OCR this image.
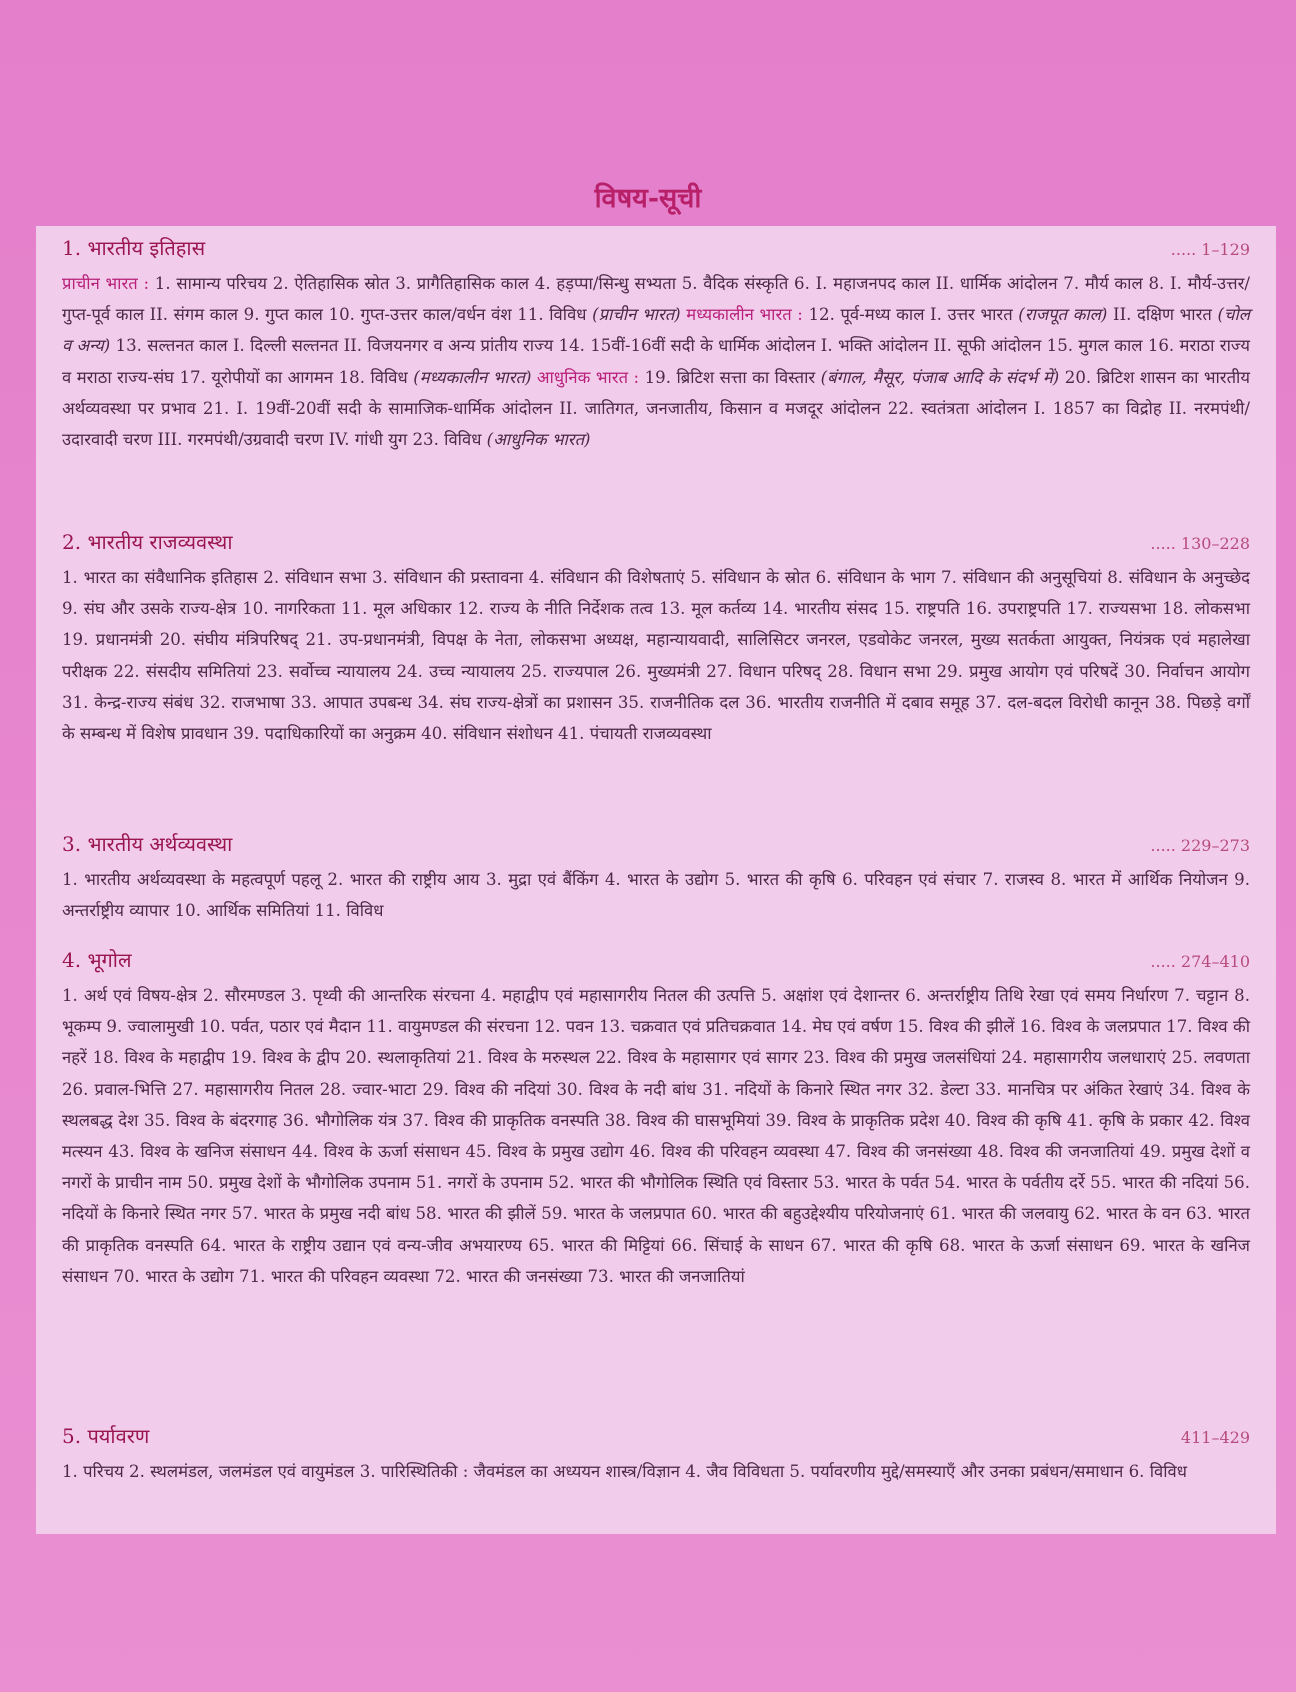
विषय-सूची
1. भारतीय इतिहास	..... 1–129
प्राचीन भारत : 1. सामान्य परिचय 2. ऐतिहासिक स्रोत 3. प्रागैतिहासिक काल 4. हड़प्पा/सिन्धु सभ्यता 5. वैदिक संस्कृति 6. I. महाजनपद काल II. धार्मिक आंदोलन 7. मौर्य काल 8. I. मौर्य-उत्तर/गुप्त-पूर्व काल II. संगम काल 9. गुप्त काल 10. गुप्त-उत्तर काल/वर्धन वंश 11. विविध (प्राचीन भारत) मध्यकालीन भारत : 12. पूर्व-मध्य काल I. उत्तर भारत (राजपूत काल) II. दक्षिण भारत (चोल व अन्य) 13. सल्तनत काल I. दिल्ली सल्तनत II. विजयनगर व अन्य प्रांतीय राज्य 14. 15वीं-16वीं सदी के धार्मिक आंदोलन I. भक्ति आंदोलन II. सूफी आंदोलन 15. मुगल काल 16. मराठा राज्य व मराठा राज्य-संघ 17. यूरोपीयों का आगमन 18. विविध (मध्यकालीन भारत) आधुनिक भारत : 19. ब्रिटिश सत्ता का विस्तार (बंगाल, मैसूर, पंजाब आदि के संदर्भ में) 20. ब्रिटिश शासन का भारतीय अर्थव्यवस्था पर प्रभाव 21. I. 19वीं-20वीं सदी के सामाजिक-धार्मिक आंदोलन II. जातिगत, जनजातीय, किसान व मजदूर आंदोलन 22. स्वतंत्रता आंदोलन I. 1857 का विद्रोह II. नरमपंथी/उदारवादी चरण III. गरमपंथी/उग्रवादी चरण IV. गांधी युग 23. विविध (आधुनिक भारत)
2. भारतीय राजव्यवस्था	..... 130–228
1. भारत का संवैधानिक इतिहास 2. संविधान सभा 3. संविधान की प्रस्तावना 4. संविधान की विशेषताएं 5. संविधान के स्रोत 6. संविधान के भाग 7. संविधान की अनुसूचियां 8. संविधान के अनुच्छेद 9. संघ और उसके राज्य-क्षेत्र 10. नागरिकता 11. मूल अधिकार 12. राज्य के नीति निर्देशक तत्व 13. मूल कर्तव्य 14. भारतीय संसद 15. राष्ट्रपति 16. उपराष्ट्रपति 17. राज्यसभा 18. लोकसभा 19. प्रधानमंत्री 20. संघीय मंत्रिपरिषद् 21. उप-प्रधानमंत्री, विपक्ष के नेता, लोकसभा अध्यक्ष, महान्यायवादी, सालिसिटर जनरल, एडवोकेट जनरल, मुख्य सतर्कता आयुक्त, नियंत्रक एवं महालेखा परीक्षक 22. संसदीय समितियां 23. सर्वोच्च न्यायालय 24. उच्च न्यायालय 25. राज्यपाल 26. मुख्यमंत्री 27. विधान परिषद् 28. विधान सभा 29. प्रमुख आयोग एवं परिषदें 30. निर्वाचन आयोग 31. केन्द्र-राज्य संबंध 32. राजभाषा 33. आपात उपबन्ध 34. संघ राज्य-क्षेत्रों का प्रशासन 35. राजनीतिक दल 36. भारतीय राजनीति में दबाव समूह 37. दल-बदल विरोधी कानून 38. पिछड़े वर्गों के सम्बन्ध में विशेष प्रावधान 39. पदाधिकारियों का अनुक्रम 40. संविधान संशोधन 41. पंचायती राजव्यवस्था
3. भारतीय अर्थव्यवस्था	..... 229–273
1. भारतीय अर्थव्यवस्था के महत्वपूर्ण पहलू 2. भारत की राष्ट्रीय आय 3. मुद्रा एवं बैंकिंग 4. भारत के उद्योग 5. भारत की कृषि 6. परिवहन एवं संचार 7. राजस्व 8. भारत में आर्थिक नियोजन 9. अन्तर्राष्ट्रीय व्यापार 10. आर्थिक समितियां 11. विविध
4. भूगोल	..... 274–410
1. अर्थ एवं विषय-क्षेत्र 2. सौरमण्डल 3. पृथ्वी की आन्तरिक संरचना 4. महाद्वीप एवं महासागरीय नितल की उत्पत्ति 5. अक्षांश एवं देशान्तर 6. अन्तर्राष्ट्रीय तिथि रेखा एवं समय निर्धारण 7. चट्टान 8. भूकम्प 9. ज्वालामुखी 10. पर्वत, पठार एवं मैदान 11. वायुमण्डल की संरचना 12. पवन 13. चक्रवात एवं प्रतिचक्रवात 14. मेघ एवं वर्षण 15. विश्व की झीलें 16. विश्व के जलप्रपात 17. विश्व की नहरें 18. विश्व के महाद्वीप 19. विश्व के द्वीप 20. स्थलाकृतियां 21. विश्व के मरुस्थल 22. विश्व के महासागर एवं सागर 23. विश्व की प्रमुख जलसंधियां 24. महासागरीय जलधाराएं 25. लवणता 26. प्रवाल-भित्ति 27. महासागरीय नितल 28. ज्वार-भाटा 29. विश्व की नदियां 30. विश्व के नदी बांध 31. नदियों के किनारे स्थित नगर 32. डेल्टा 33. मानचित्र पर अंकित रेखाएं 34. विश्व के स्थलबद्ध देश 35. विश्व के बंदरगाह 36. भौगोलिक यंत्र 37. विश्व की प्राकृतिक वनस्पति 38. विश्व की घासभूमियां 39. विश्व के प्राकृतिक प्रदेश 40. विश्व की कृषि 41. कृषि के प्रकार 42. विश्व मत्स्यन 43. विश्व के खनिज संसाधन 44. विश्व के ऊर्जा संसाधन 45. विश्व के प्रमुख उद्योग 46. विश्व की परिवहन व्यवस्था 47. विश्व की जनसंख्या 48. विश्व की जनजातियां 49. प्रमुख देशों व नगरों के प्राचीन नाम 50. प्रमुख देशों के भौगोलिक उपनाम 51. नगरों के उपनाम 52. भारत की भौगोलिक स्थिति एवं विस्तार 53. भारत के पर्वत 54. भारत के पर्वतीय दर्रे 55. भारत की नदियां 56. नदियों के किनारे स्थित नगर 57. भारत के प्रमुख नदी बांध 58. भारत की झीलें 59. भारत के जलप्रपात 60. भारत की बहुउद्देश्यीय परियोजनाएं 61. भारत की जलवायु 62. भारत के वन 63. भारत की प्राकृतिक वनस्पति 64. भारत के राष्ट्रीय उद्यान एवं वन्य-जीव अभयारण्य 65. भारत की मिट्टियां 66. सिंचाई के साधन 67. भारत की कृषि 68. भारत के ऊर्जा संसाधन 69. भारत के खनिज संसाधन 70. भारत के उद्योग 71. भारत की परिवहन व्यवस्था 72. भारत की जनसंख्या 73. भारत की जनजातियां
5. पर्यावरण	411–429
1. परिचय 2. स्थलमंडल, जलमंडल एवं वायुमंडल 3. पारिस्थितिकी : जैवमंडल का अध्ययन शास्त्र/विज्ञान 4. जैव विविधता 5. पर्यावरणीय मुद्दे/समस्याएँ और उनका प्रबंधन/समाधान 6. विविध
